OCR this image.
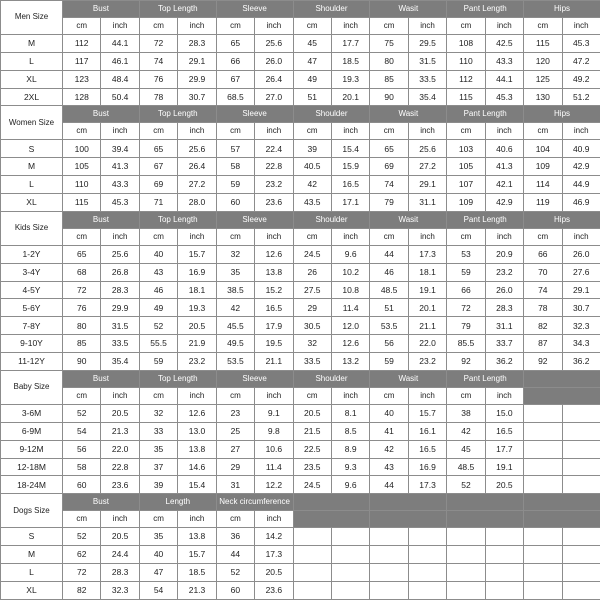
Men Size	Bust		Top Length		Sleeve		Shoulder		Wasit		Pant Length		Hips	
	cm	inch	cm	inch	cm	inch	cm	inch	cm	inch	cm	inch	cm	inch
M	112	44.1	72	28.3	65	25.6	45	17.7	75	29.5	108	42.5	115	45.3
L	117	46.1	74	29.1	66	26.0	47	18.5	80	31.5	110	43.3	120	47.2
XL	123	48.4	76	29.9	67	26.4	49	19.3	85	33.5	112	44.1	125	49.2
2XL	128	50.4	78	30.7	68.5	27.0	51	20.1	90	35.4	115	45.3	130	51.2
Women Size	Bust		Top Length		Sleeve		Shoulder		Wasit		Pant Length		Hips	
	cm	inch	cm	inch	cm	inch	cm	inch	cm	inch	cm	inch	cm	inch
S	100	39.4	65	25.6	57	22.4	39	15.4	65	25.6	103	40.6	104	40.9
M	105	41.3	67	26.4	58	22.8	40.5	15.9	69	27.2	105	41.3	109	42.9
L	110	43.3	69	27.2	59	23.2	42	16.5	74	29.1	107	42.1	114	44.9
XL	115	45.3	71	28.0	60	23.6	43.5	17.1	79	31.1	109	42.9	119	46.9
Kids Size	Bust		Top Length		Sleeve		Shoulder		Wasit		Pant Length		Hips	
	cm	inch	cm	inch	cm	inch	cm	inch	cm	inch	cm	inch	cm	inch
1-2Y	65	25.6	40	15.7	32	12.6	24.5	9.6	44	17.3	53	20.9	66	26.0
3-4Y	68	26.8	43	16.9	35	13.8	26	10.2	46	18.1	59	23.2	70	27.6
4-5Y	72	28.3	46	18.1	38.5	15.2	27.5	10.8	48.5	19.1	66	26.0	74	29.1
5-6Y	76	29.9	49	19.3	42	16.5	29	11.4	51	20.1	72	28.3	78	30.7
7-8Y	80	31.5	52	20.5	45.5	17.9	30.5	12.0	53.5	21.1	79	31.1	82	32.3
9-10Y	85	33.5	55.5	21.9	49.5	19.5	32	12.6	56	22.0	85.5	33.7	87	34.3
11-12Y	90	35.4	59	23.2	53.5	21.1	33.5	13.2	59	23.2	92	36.2	92	36.2
Baby Size	Bust		Top Length		Sleeve		Shoulder		Wasit		Pant Length			
	cm	inch	cm	inch	cm	inch	cm	inch	cm	inch	cm	inch		
3-6M	52	20.5	32	12.6	23	9.1	20.5	8.1	40	15.7	38	15.0		
6-9M	54	21.3	33	13.0	25	9.8	21.5	8.5	41	16.1	42	16.5		
9-12M	56	22.0	35	13.8	27	10.6	22.5	8.9	42	16.5	45	17.7		
12-18M	58	22.8	37	14.6	29	11.4	23.5	9.3	43	16.9	48.5	19.1		
18-24M	60	23.6	39	15.4	31	12.2	24.5	9.6	44	17.3	52	20.5		
Dogs Size	Bust		Length		Neck circumference									
	cm	inch	cm	inch	cm	inch								
S	52	20.5	35	13.8	36	14.2								
M	62	24.4	40	15.7	44	17.3								
L	72	28.3	47	18.5	52	20.5								
XL	82	32.3	54	21.3	60	23.6								
